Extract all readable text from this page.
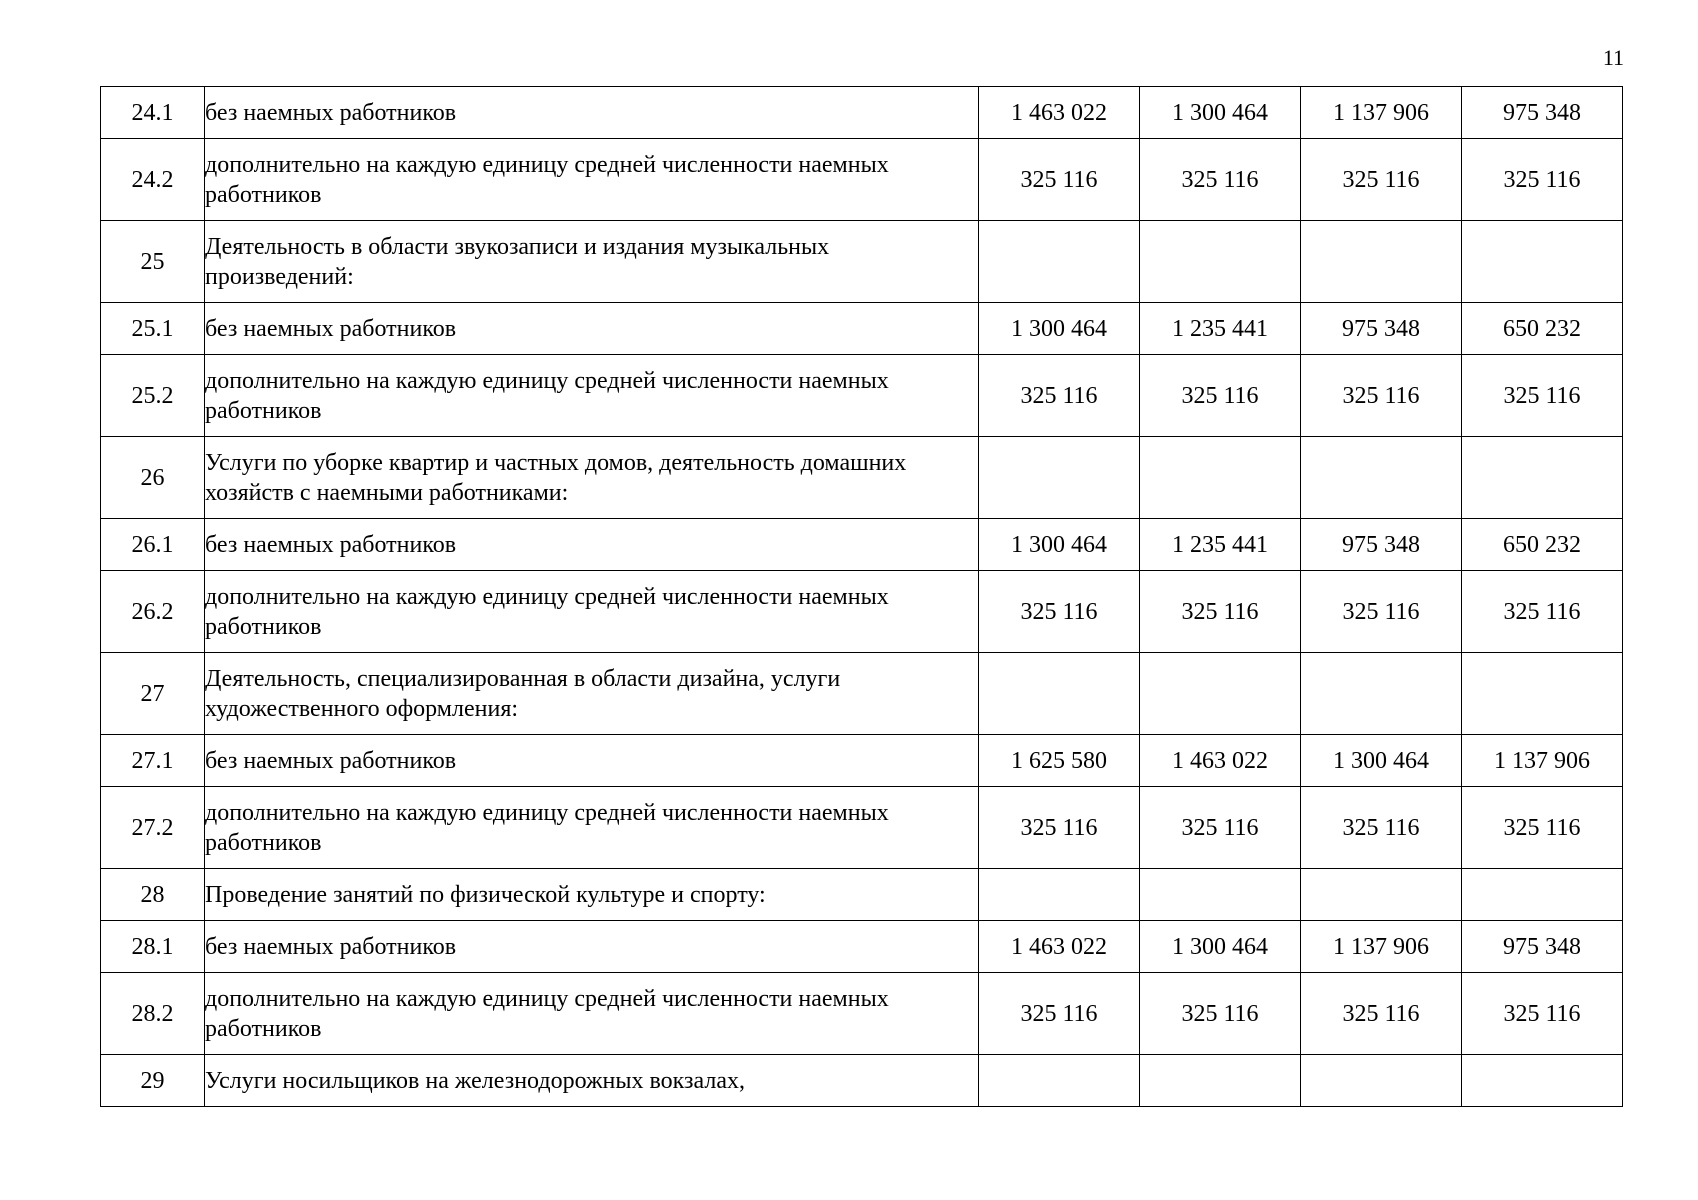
11
24.1	без наемных работников	1 463 022	1 300 464	1 137 906	975 348
24.2	дополнительно на каждую единицу средней численности наемных работников	325 116	325 116	325 116	325 116
25	Деятельность в области звукозаписи и издания музыкальных произведений:				
25.1	без наемных работников	1 300 464	1 235 441	975 348	650 232
25.2	дополнительно на каждую единицу средней численности наемных работников	325 116	325 116	325 116	325 116
26	Услуги по уборке квартир и частных домов, деятельность домашних хозяйств с наемными работниками:				
26.1	без наемных работников	1 300 464	1 235 441	975 348	650 232
26.2	дополнительно на каждую единицу средней численности наемных работников	325 116	325 116	325 116	325 116
27	Деятельность, специализированная в области дизайна, услуги художественного оформления:				
27.1	без наемных работников	1 625 580	1 463 022	1 300 464	1 137 906
27.2	дополнительно на каждую единицу средней численности наемных работников	325 116	325 116	325 116	325 116
28	Проведение занятий по физической культуре и спорту:				
28.1	без наемных работников	1 463 022	1 300 464	1 137 906	975 348
28.2	дополнительно на каждую единицу средней численности наемных работников	325 116	325 116	325 116	325 116
29	Услуги носильщиков на железнодорожных вокзалах,				
